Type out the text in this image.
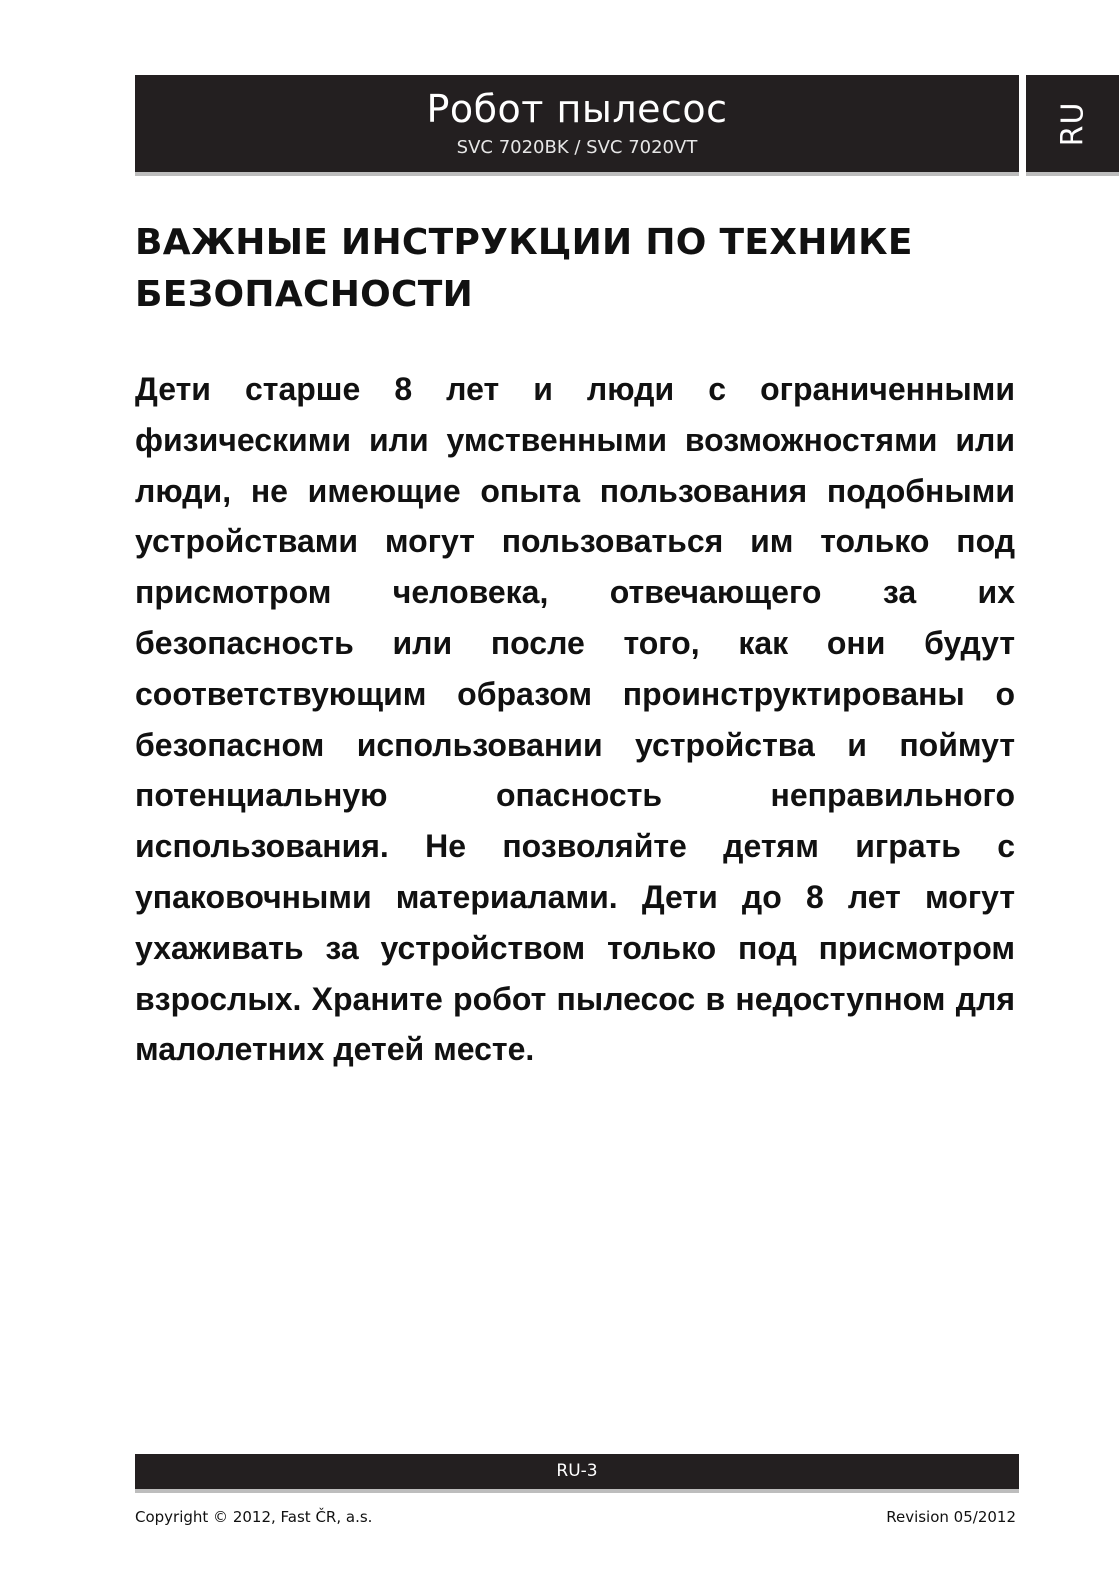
Робот пылесос
SVC 7020BK / SVC 7020VT
RU
ВАЖНЫЕ ИНСТРУКЦИИ ПО ТЕХНИКЕ БЕЗОПАСНОСТИ

Дети старше 8 лет и люди с ограниченными физическими или умственными возможностями или люди, не имеющие опыта пользования подобными устройствами могут пользоваться им только под присмотром человека, отвечающего за их безопасность или после того, как они будут соответствующим образом проинструктированы о безопасном использовании устройства и поймут потенциальную опасность неправильного использования. Не позволяйте детям играть с упаковочными материалами. Дети до 8 лет могут ухаживать за устройством только под присмотром взрослых. Храните робот пылесос в недоступном для малолетних детей месте.

RU-3
Copyright © 2012, Fast ČR, a.s.	Revision 05/2012
